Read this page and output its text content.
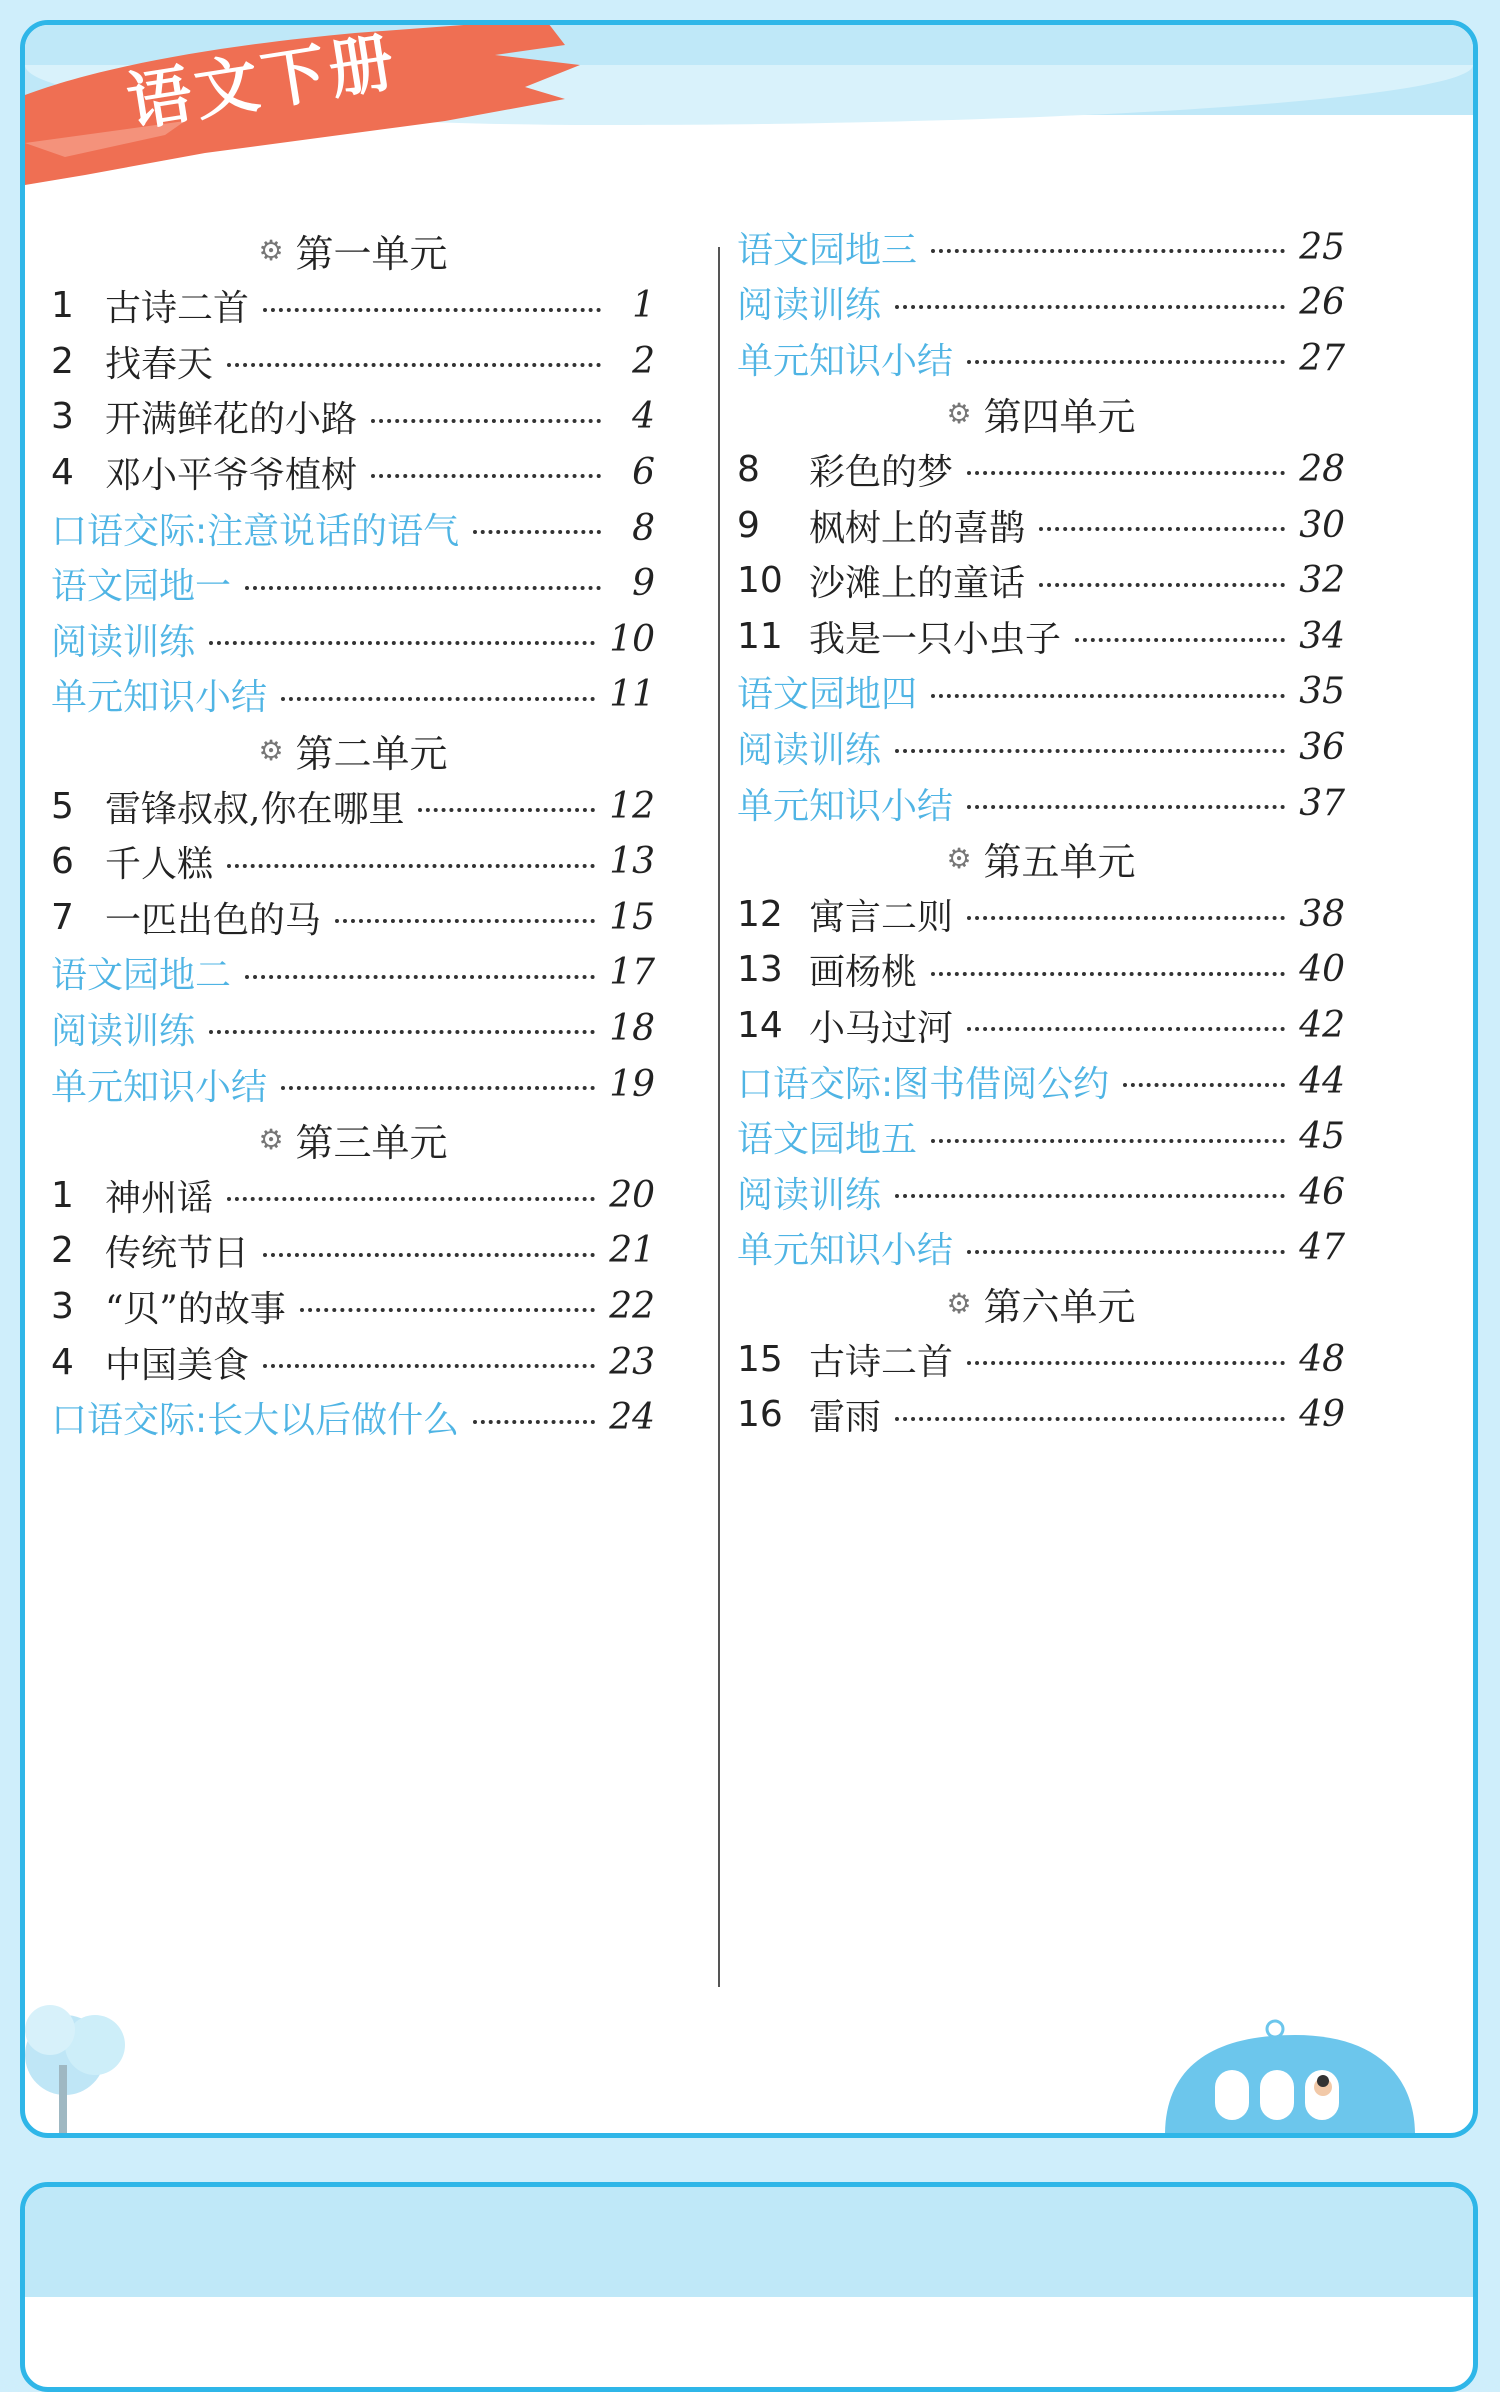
语文下册
⚙ 第一单元
1 古诗二首	1
2 找春天	2
3 开满鲜花的小路	4
4 邓小平爷爷植树	6
口语交际:注意说话的语气	8
语文园地一	9
阅读训练	10
单元知识小结	11
⚙ 第二单元
5 雷锋叔叔,你在哪里	12
6 千人糕	13
7 一匹出色的马	15
语文园地二	17
阅读训练	18
单元知识小结	19
⚙ 第三单元
1 神州谣	20
2 传统节日	21
3 “贝”的故事	22
4 中国美食	23
口语交际:长大以后做什么	24
语文园地三	25
阅读训练	26
单元知识小结	27
⚙ 第四单元
8	彩色的梦	28
9	枫树上的喜鹊	30
10 沙滩上的童话	32
11 我是一只小虫子	34
语文园地四	35
阅读训练	36
单元知识小结	37
⚙ 第五单元
12 寓言二则	38
13 画杨桃	40
14 小马过河	42
口语交际:图书借阅公约	44
语文园地五	45
阅读训练	46
单元知识小结	47
⚙ 第六单元
15 古诗二首	48
16 雷雨	49
